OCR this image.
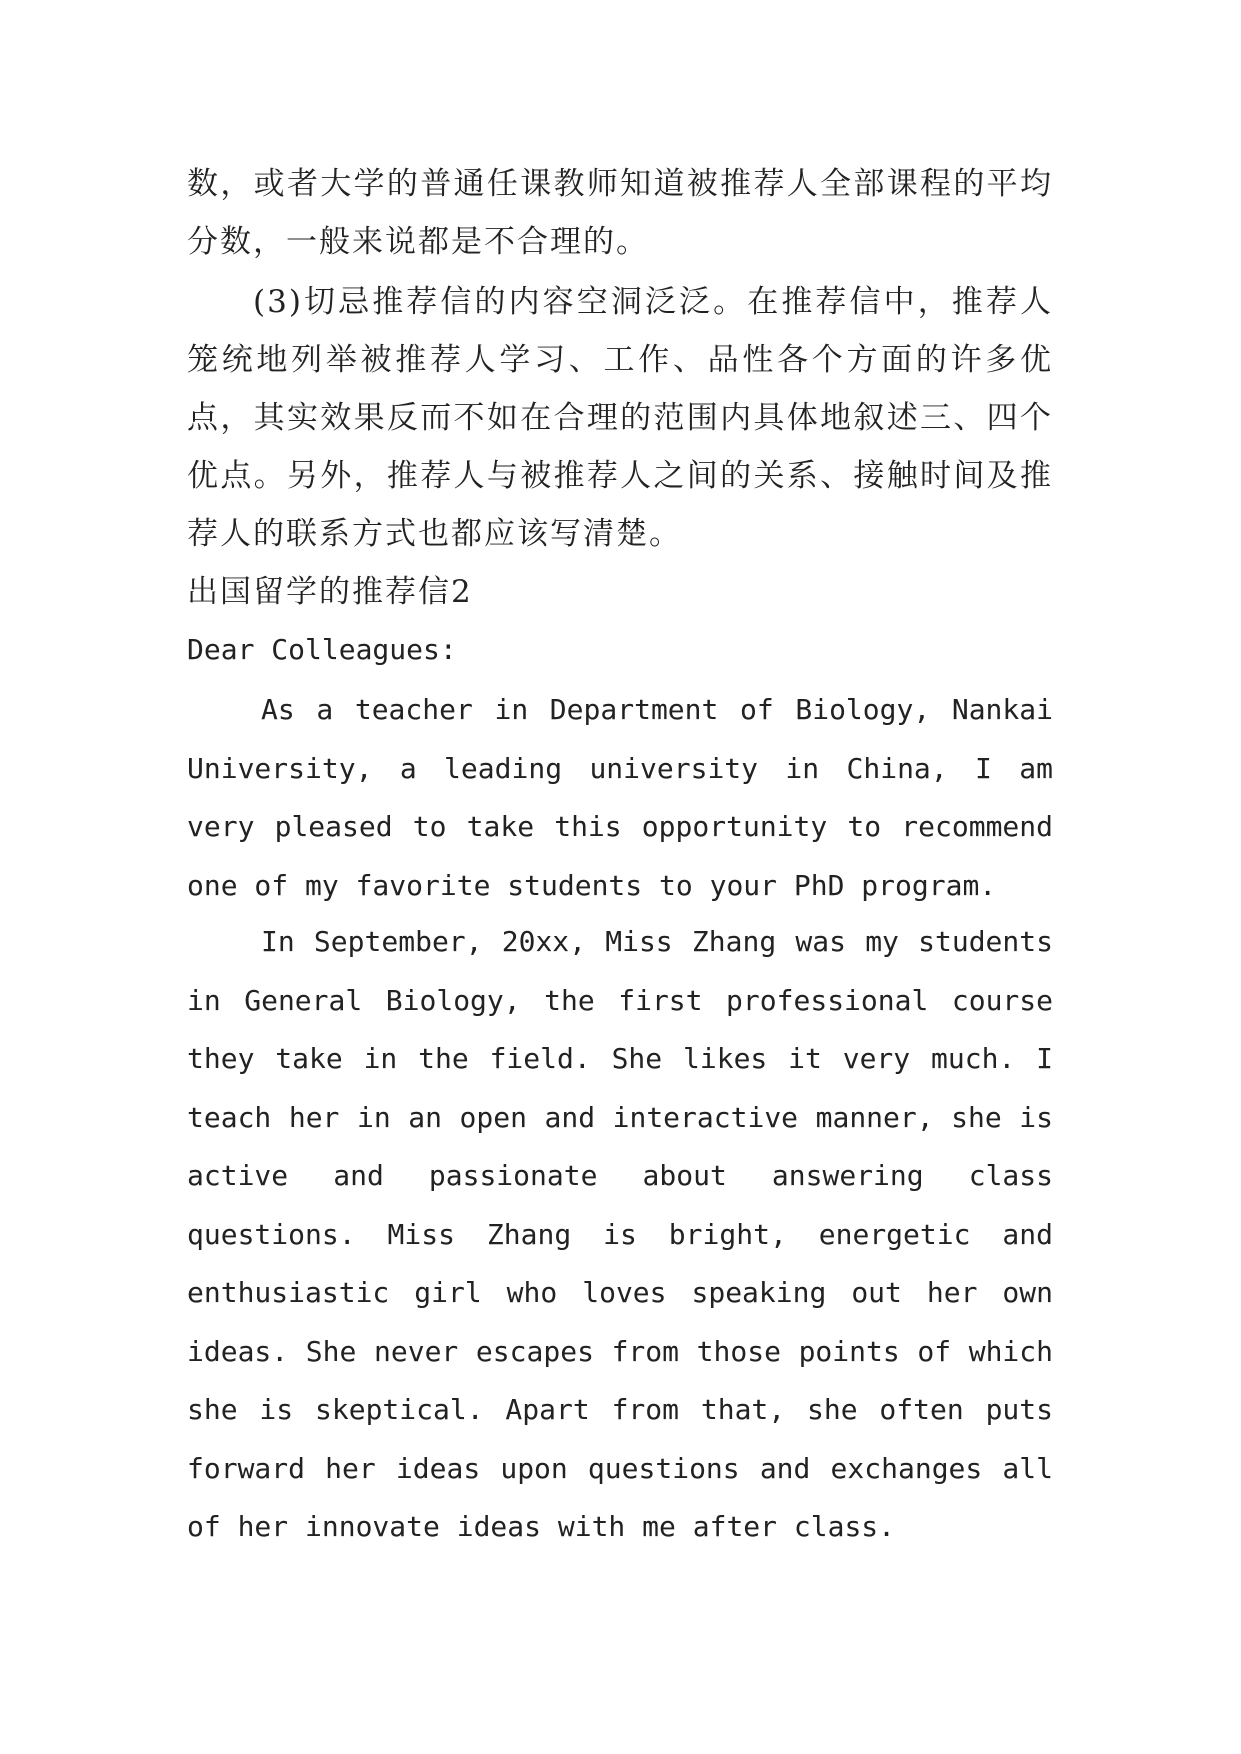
数，或者大学的普通任课教师知道被推荐人全部课程的平均分数，一般来说都是不合理的。

(3)切忌推荐信的内容空洞泛泛。在推荐信中，推荐人笼统地列举被推荐人学习、工作、品性各个方面的许多优点，其实效果反而不如在合理的范围内具体地叙述三、四个优点。另外，推荐人与被推荐人之间的关系、接触时间及推荐人的联系方式也都应该写清楚。

出国留学的推荐信2

Dear Colleagues:

As a teacher in Department of Biology, Nankai University, a leading university in China, I am very pleased to take this opportunity to recommend one of my favorite students to your PhD program.

In September, 20xx, Miss Zhang was my students in General Biology, the first professional course they take in the field. She likes it very much. I teach her in an open and interactive manner, she is active and passionate about answering class questions. Miss Zhang is bright, energetic and enthusiastic girl who loves speaking out her own ideas. She never escapes from those points of which she is skeptical. Apart from that, she often puts forward her ideas upon questions and exchanges all of her innovate ideas with me after class.
